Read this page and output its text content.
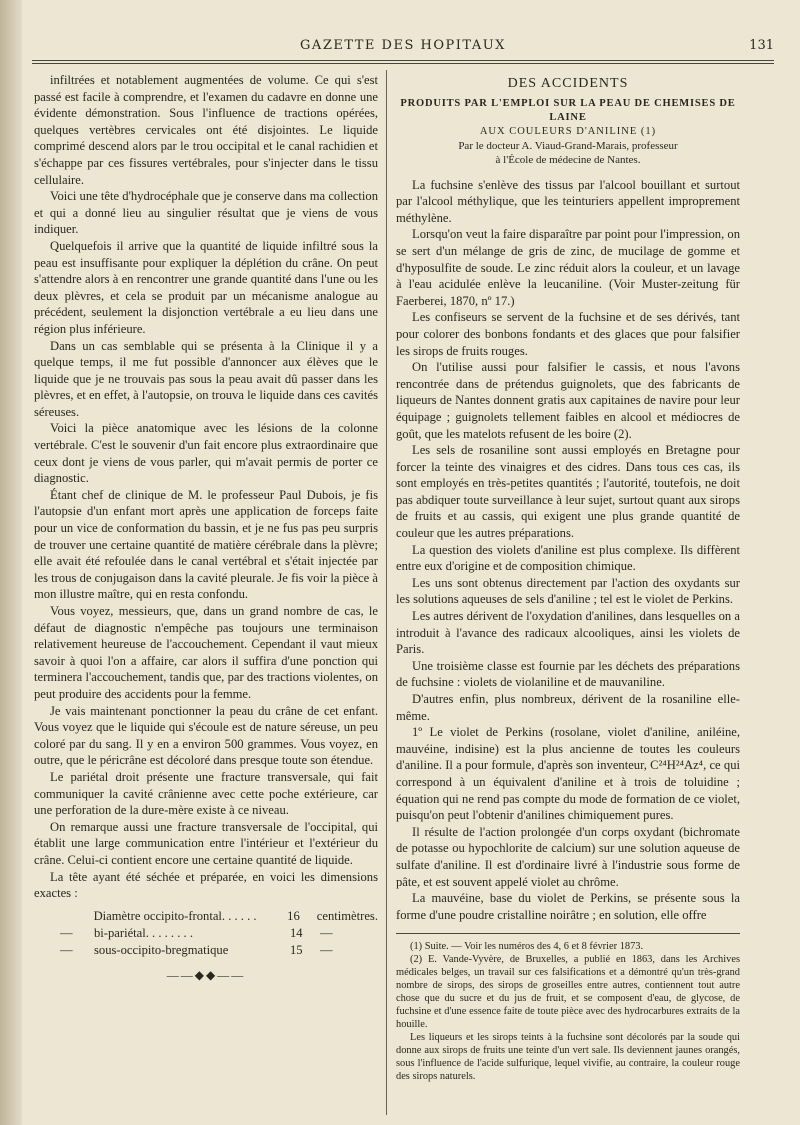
GAZETTE DES HOPITAUX	131

infiltrées et notablement augmentées de volume. Ce qui s'est passé est facile à comprendre, et l'examen du cadavre en donne une évidente démonstration. Sous l'influence de tractions opérées, quelques vertèbres cervicales ont été disjointes. Le liquide comprimé descend alors par le trou occipital et le canal rachidien et s'échappe par ces fissures vertébrales, pour s'injecter dans le tissu cellulaire.

Voici une tête d'hydrocéphale que je conserve dans ma collection et qui a donné lieu au singulier résultat que je viens de vous indiquer.

Quelquefois il arrive que la quantité de liquide infiltré sous la peau est insuffisante pour expliquer la déplétion du crâne. On peut s'attendre alors à en rencontrer une grande quantité dans l'une ou les deux plèvres, et cela se produit par un mécanisme analogue au précédent, seulement la disjonction vertébrale a eu lieu dans une région plus inférieure.

Dans un cas semblable qui se présenta à la Clinique il y a quelque temps, il me fut possible d'annoncer aux élèves que le liquide que je ne trouvais pas sous la peau avait dû passer dans les plèvres, et en effet, à l'autopsie, on trouva le liquide dans ces cavités séreuses.

Voici la pièce anatomique avec les lésions de la colonne vertébrale. C'est le souvenir d'un fait encore plus extraordinaire que ceux dont je viens de vous parler, qui m'avait permis de porter ce diagnostic.

Étant chef de clinique de M. le professeur Paul Dubois, je fis l'autopsie d'un enfant mort après une application de forceps faite pour un vice de conformation du bassin, et je ne fus pas peu surpris de trouver une certaine quantité de matière cérébrale dans la plèvre; elle avait été refoulée dans le canal vertébral et s'était injectée par les trous de conjugaison dans la cavité pleurale. Je fis voir la pièce à mon illustre maître, qui en resta confondu.

Vous voyez, messieurs, que, dans un grand nombre de cas, le défaut de diagnostic n'empêche pas toujours une terminaison relativement heureuse de l'accouchement. Cependant il vaut mieux savoir à quoi l'on a affaire, car alors il suffira d'une ponction qui terminera l'accouchement, tandis que, par des tractions violentes, on peut produire des accidents pour la femme.

Je vais maintenant ponctionner la peau du crâne de cet enfant. Vous voyez que le liquide qui s'écoule est de nature séreuse, un peu coloré par du sang. Il y en a environ 500 grammes. Vous voyez, en outre, que le péricrâne est décoloré dans presque toute son étendue.

Le pariétal droit présente une fracture transversale, qui fait communiquer la cavité crânienne avec cette poche extérieure, car une perforation de la dure-mère existe à ce niveau.

On remarque aussi une fracture transversale de l'occipital, qui établit une large communication entre l'intérieur et l'extérieur du crâne. Celui-ci contient encore une certaine quantité de liquide.

La tête ayant été séchée et préparée, en voici les dimensions exactes :

Diamètre occipito-frontal. . . . . .	16	centimètres.
—	bi-pariétal. . . . . . . .	14	—
—	sous-occipito-bregmatique	15	—
——◆◆——
DES ACCIDENTS
PRODUITS PAR L'EMPLOI SUR LA PEAU DE CHEMISES DE LAINE
AUX COULEURS D'ANILINE (1)
Par le docteur A. Viaud-Grand-Marais, professeur
à l'École de médecine de Nantes.

La fuchsine s'enlève des tissus par l'alcool bouillant et surtout par l'alcool méthylique, que les teinturiers appellent improprement méthylène.

Lorsqu'on veut la faire disparaître par point pour l'impression, on se sert d'un mélange de gris de zinc, de mucilage de gomme et d'hyposulfite de soude. Le zinc réduit alors la couleur, et un lavage à l'eau acidulée enlève la leucaniline. (Voir Muster-zeitung für Faerberei, 1870, nº 17.)

Les confiseurs se servent de la fuchsine et de ses dérivés, tant pour colorer des bonbons fondants et des glaces que pour falsifier les sirops de fruits rouges.

On l'utilise aussi pour falsifier le cassis, et nous l'avons rencontrée dans de prétendus guignolets, que des fabricants de liqueurs de Nantes donnent gratis aux capitaines de navire pour leur équipage ; guignolets tellement faibles en alcool et médiocres de goût, que les matelots refusent de les boire (2).

Les sels de rosaniline sont aussi employés en Bretagne pour forcer la teinte des vinaigres et des cidres. Dans tous ces cas, ils sont employés en très-petites quantités ; l'autorité, toutefois, ne doit pas abdiquer toute surveillance à leur sujet, surtout quant aux sirops de fruits et au cassis, qui exigent une plus grande quantité de couleur que les autres préparations.

La question des violets d'aniline est plus complexe. Ils diffèrent entre eux d'origine et de composition chimique.

Les uns sont obtenus directement par l'action des oxydants sur les solutions aqueuses de sels d'aniline ; tel est le violet de Perkins.

Les autres dérivent de l'oxydation d'anilines, dans lesquelles on a introduit à l'avance des radicaux alcooliques, ainsi les violets de Paris.

Une troisième classe est fournie par les déchets des préparations de fuchsine : violets de violaniline et de mauvaniline.

D'autres enfin, plus nombreux, dérivent de la rosaniline elle-même.

1º Le violet de Perkins (rosolane, violet d'aniline, aniléine, mauvéine, indisine) est la plus ancienne de toutes les couleurs d'aniline. Il a pour formule, d'après son inventeur, C²⁴H²⁴Az⁴, ce qui correspond à un équivalent d'aniline et à trois de toluidine ; équation qui ne rend pas compte du mode de formation de ce violet, puisqu'on peut l'obtenir d'anilines chimiquement pures.

Il résulte de l'action prolongée d'un corps oxydant (bichromate de potasse ou hypochlorite de calcium) sur une solution aqueuse de sulfate d'aniline. Il est d'ordinaire livré à l'industrie sous forme de pâte, et est souvent appelé violet au chrôme.

La mauvéine, base du violet de Perkins, se présente sous la forme d'une poudre cristalline noirâtre ; en solution, elle offre

(1) Suite. — Voir les numéros des 4, 6 et 8 février 1873.

(2) E. Vande-Vyvère, de Bruxelles, a publié en 1863, dans les Archives médicales belges, un travail sur ces falsifications et a démontré qu'un très-grand nombre de sirops, des sirops de groseilles entre autres, contiennent tout autre chose que du sucre et du jus de fruit, et se composent d'eau, de glycose, de fuchsine et d'une essence faite de toute pièce avec des hydrocarbures extraits de la houille.

Les liqueurs et les sirops teints à la fuchsine sont décolorés par la soude qui donne aux sirops de fruits une teinte d'un vert sale. Ils deviennent jaunes orangés, sous l'influence de l'acide sulfurique, lequel vivifie, au contraire, la couleur rouge des sirops naturels.
